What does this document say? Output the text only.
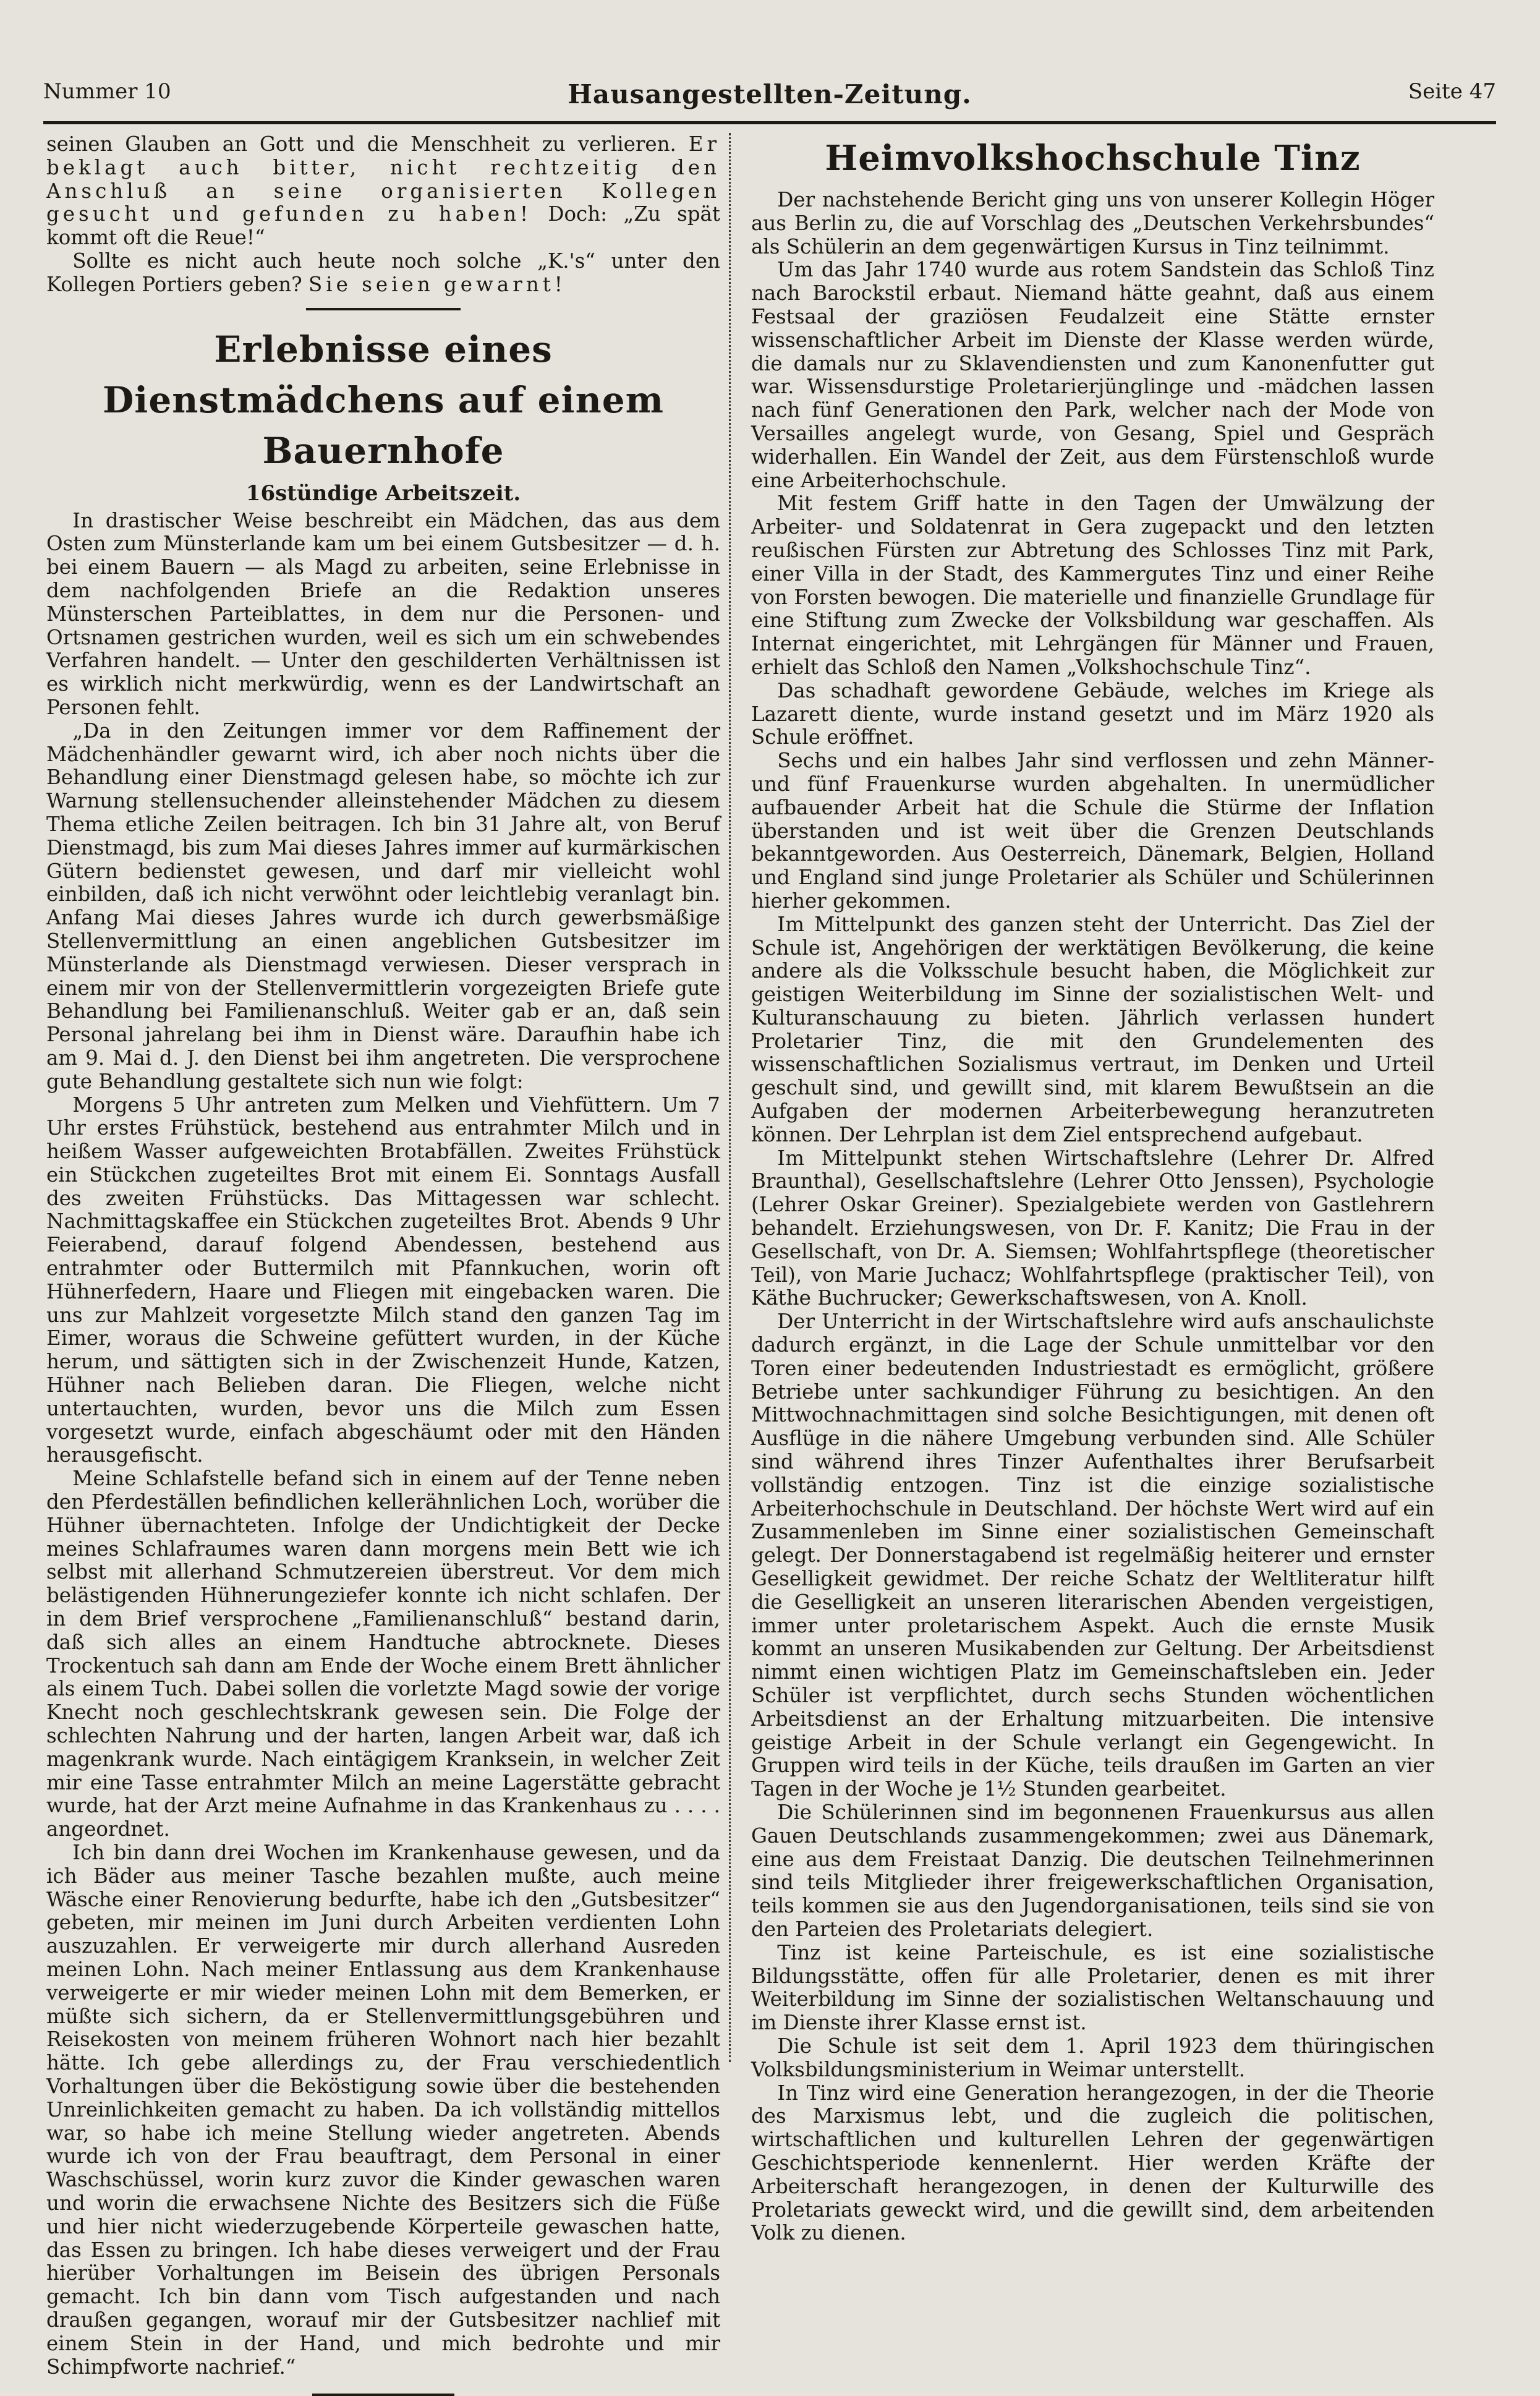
Nummer 10	Hausangestellten-Zeitung.	Seite 47

seinen Glauben an Gott und die Menschheit zu verlieren. Er beklagt auch bitter, nicht rechtzeitig den Anschluß an seine organisierten Kollegen gesucht und gefunden zu haben! Doch: „Zu spät kommt oft die Reue!“

Sollte es nicht auch heute noch solche „K.'s“ unter den Kollegen Portiers geben? Sie seien gewarnt!

Erlebnisse eines Dienstmädchens auf einem Bauernhofe
16stündige Arbeitszeit.

In drastischer Weise beschreibt ein Mädchen, das aus dem Osten zum Münsterlande kam um bei einem Gutsbesitzer — d. h. bei einem Bauern — als Magd zu arbeiten, seine Erlebnisse in dem nachfolgenden Briefe an die Redaktion unseres Münsterschen Parteiblattes, in dem nur die Personen- und Ortsnamen gestrichen wurden, weil es sich um ein schwebendes Verfahren handelt. — Unter den geschilderten Verhältnissen ist es wirklich nicht merkwürdig, wenn es der Landwirtschaft an Personen fehlt.

„Da in den Zeitungen immer vor dem Raffinement der Mädchenhändler gewarnt wird, ich aber noch nichts über die Behandlung einer Dienstmagd gelesen habe, so möchte ich zur Warnung stellensuchender alleinstehender Mädchen zu diesem Thema etliche Zeilen beitragen. Ich bin 31 Jahre alt, von Beruf Dienstmagd, bis zum Mai dieses Jahres immer auf kurmärkischen Gütern bedienstet gewesen, und darf mir vielleicht wohl einbilden, daß ich nicht verwöhnt oder leichtlebig veranlagt bin. Anfang Mai dieses Jahres wurde ich durch gewerbsmäßige Stellenvermittlung an einen angeblichen Gutsbesitzer im Münsterlande als Dienstmagd verwiesen. Dieser versprach in einem mir von der Stellenvermittlerin vorgezeigten Briefe gute Behandlung bei Familienanschluß. Weiter gab er an, daß sein Personal jahrelang bei ihm in Dienst wäre. Daraufhin habe ich am 9. Mai d. J. den Dienst bei ihm angetreten. Die versprochene gute Behandlung gestaltete sich nun wie folgt:

Morgens 5 Uhr antreten zum Melken und Viehfüttern. Um 7 Uhr erstes Frühstück, bestehend aus entrahmter Milch und in heißem Wasser aufgeweichten Brotabfällen. Zweites Frühstück ein Stückchen zugeteiltes Brot mit einem Ei. Sonntags Ausfall des zweiten Frühstücks. Das Mittagessen war schlecht. Nachmittagskaffee ein Stückchen zugeteiltes Brot. Abends 9 Uhr Feierabend, darauf folgend Abendessen, bestehend aus entrahmter oder Buttermilch mit Pfannkuchen, worin oft Hühnerfedern, Haare und Fliegen mit eingebacken waren. Die uns zur Mahlzeit vorgesetzte Milch stand den ganzen Tag im Eimer, woraus die Schweine gefüttert wurden, in der Küche herum, und sättigten sich in der Zwischenzeit Hunde, Katzen, Hühner nach Belieben daran. Die Fliegen, welche nicht untertauchten, wurden, bevor uns die Milch zum Essen vorgesetzt wurde, einfach abgeschäumt oder mit den Händen herausgefischt.

Meine Schlafstelle befand sich in einem auf der Tenne neben den Pferdeställen befindlichen kellerähnlichen Loch, worüber die Hühner übernachteten. Infolge der Undichtigkeit der Decke meines Schlafraumes waren dann morgens mein Bett wie ich selbst mit allerhand Schmutzereien überstreut. Vor dem mich belästigenden Hühnerungeziefer konnte ich nicht schlafen. Der in dem Brief versprochene „Familienanschluß“ bestand darin, daß sich alles an einem Handtuche abtrocknete. Dieses Trockentuch sah dann am Ende der Woche einem Brett ähnlicher als einem Tuch. Dabei sollen die vorletzte Magd sowie der vorige Knecht noch geschlechtskrank gewesen sein. Die Folge der schlechten Nahrung und der harten, langen Arbeit war, daß ich magenkrank wurde. Nach eintägigem Kranksein, in welcher Zeit mir eine Tasse entrahmter Milch an meine Lagerstätte gebracht wurde, hat der Arzt meine Aufnahme in das Krankenhaus zu . . . . angeordnet.

Ich bin dann drei Wochen im Krankenhause gewesen, und da ich Bäder aus meiner Tasche bezahlen mußte, auch meine Wäsche einer Renovierung bedurfte, habe ich den „Gutsbesitzer“ gebeten, mir meinen im Juni durch Arbeiten verdienten Lohn auszuzahlen. Er verweigerte mir durch allerhand Ausreden meinen Lohn. Nach meiner Entlassung aus dem Krankenhause verweigerte er mir wieder meinen Lohn mit dem Bemerken, er müßte sich sichern, da er Stellenvermittlungsgebühren und Reisekosten von meinem früheren Wohnort nach hier bezahlt hätte. Ich gebe allerdings zu, der Frau verschiedentlich Vorhaltungen über die Beköstigung sowie über die bestehenden Unreinlichkeiten gemacht zu haben. Da ich vollständig mittellos war, so habe ich meine Stellung wieder angetreten. Abends wurde ich von der Frau beauftragt, dem Personal in einer Waschschüssel, worin kurz zuvor die Kinder gewaschen waren und worin die erwachsene Nichte des Besitzers sich die Füße und hier nicht wiederzugebende Körperteile gewaschen hatte, das Essen zu bringen. Ich habe dieses verweigert und der Frau hierüber Vorhaltungen im Beisein des übrigen Personals gemacht. Ich bin dann vom Tisch aufgestanden und nach draußen gegangen, worauf mir der Gutsbesitzer nachlief mit einem Stein in der Hand, und mich bedrohte und mir Schimpfworte nachrief.“

Heimvolkshochschule Tinz

Der nachstehende Bericht ging uns von unserer Kollegin Höger aus Berlin zu, die auf Vorschlag des „Deutschen Verkehrsbundes“ als Schülerin an dem gegenwärtigen Kursus in Tinz teilnimmt.

Um das Jahr 1740 wurde aus rotem Sandstein das Schloß Tinz nach Barockstil erbaut. Niemand hätte geahnt, daß aus einem Festsaal der graziösen Feudalzeit eine Stätte ernster wissenschaftlicher Arbeit im Dienste der Klasse werden würde, die damals nur zu Sklavendiensten und zum Kanonenfutter gut war. Wissensdurstige Proletarierjünglinge und -mädchen lassen nach fünf Generationen den Park, welcher nach der Mode von Versailles angelegt wurde, von Gesang, Spiel und Gespräch widerhallen. Ein Wandel der Zeit, aus dem Fürstenschloß wurde eine Arbeiterhochschule.

Mit festem Griff hatte in den Tagen der Umwälzung der Arbeiter- und Soldatenrat in Gera zugepackt und den letzten reußischen Fürsten zur Abtretung des Schlosses Tinz mit Park, einer Villa in der Stadt, des Kammergutes Tinz und einer Reihe von Forsten bewogen. Die materielle und finanzielle Grundlage für eine Stiftung zum Zwecke der Volksbildung war geschaffen. Als Internat eingerichtet, mit Lehrgängen für Männer und Frauen, erhielt das Schloß den Namen „Volkshochschule Tinz“.

Das schadhaft gewordene Gebäude, welches im Kriege als Lazarett diente, wurde instand gesetzt und im März 1920 als Schule eröffnet.

Sechs und ein halbes Jahr sind verflossen und zehn Männer- und fünf Frauenkurse wurden abgehalten. In unermüdlicher aufbauender Arbeit hat die Schule die Stürme der Inflation überstanden und ist weit über die Grenzen Deutschlands bekanntgeworden. Aus Oesterreich, Dänemark, Belgien, Holland und England sind junge Proletarier als Schüler und Schülerinnen hierher gekommen.

Im Mittelpunkt des ganzen steht der Unterricht. Das Ziel der Schule ist, Angehörigen der werktätigen Bevölkerung, die keine andere als die Volksschule besucht haben, die Möglichkeit zur geistigen Weiterbildung im Sinne der sozialistischen Welt- und Kulturanschauung zu bieten. Jährlich verlassen hundert Proletarier Tinz, die mit den Grundelementen des wissenschaftlichen Sozialismus vertraut, im Denken und Urteil geschult sind, und gewillt sind, mit klarem Bewußtsein an die Aufgaben der modernen Arbeiterbewegung heranzutreten können. Der Lehrplan ist dem Ziel entsprechend aufgebaut.

Im Mittelpunkt stehen Wirtschaftslehre (Lehrer Dr. Alfred Braunthal), Gesellschaftslehre (Lehrer Otto Jenssen), Psychologie (Lehrer Oskar Greiner). Spezialgebiete werden von Gastlehrern behandelt. Erziehungswesen, von Dr. F. Kanitz; Die Frau in der Gesellschaft, von Dr. A. Siemsen; Wohlfahrtspflege (theoretischer Teil), von Marie Juchacz; Wohlfahrtspflege (praktischer Teil), von Käthe Buchrucker; Gewerkschaftswesen, von A. Knoll.

Der Unterricht in der Wirtschaftslehre wird aufs anschaulichste dadurch ergänzt, in die Lage der Schule unmittelbar vor den Toren einer bedeutenden Industriestadt es ermöglicht, größere Betriebe unter sachkundiger Führung zu besichtigen. An den Mittwochnachmittagen sind solche Besichtigungen, mit denen oft Ausflüge in die nähere Umgebung verbunden sind. Alle Schüler sind während ihres Tinzer Aufenthaltes ihrer Berufsarbeit vollständig entzogen. Tinz ist die einzige sozialistische Arbeiterhochschule in Deutschland. Der höchste Wert wird auf ein Zusammenleben im Sinne einer sozialistischen Gemeinschaft gelegt. Der Donnerstagabend ist regelmäßig heiterer und ernster Geselligkeit gewidmet. Der reiche Schatz der Weltliteratur hilft die Geselligkeit an unseren literarischen Abenden vergeistigen, immer unter proletarischem Aspekt. Auch die ernste Musik kommt an unseren Musikabenden zur Geltung. Der Arbeitsdienst nimmt einen wichtigen Platz im Gemeinschaftsleben ein. Jeder Schüler ist verpflichtet, durch sechs Stunden wöchentlichen Arbeitsdienst an der Erhaltung mitzuarbeiten. Die intensive geistige Arbeit in der Schule verlangt ein Gegengewicht. In Gruppen wird teils in der Küche, teils draußen im Garten an vier Tagen in der Woche je 1½ Stunden gearbeitet.

Die Schülerinnen sind im begonnenen Frauenkursus aus allen Gauen Deutschlands zusammengekommen; zwei aus Dänemark, eine aus dem Freistaat Danzig. Die deutschen Teilnehmerinnen sind teils Mitglieder ihrer freigewerkschaftlichen Organisation, teils kommen sie aus den Jugendorganisationen, teils sind sie von den Parteien des Proletariats delegiert.

Tinz ist keine Parteischule, es ist eine sozialistische Bildungsstätte, offen für alle Proletarier, denen es mit ihrer Weiterbildung im Sinne der sozialistischen Weltanschauung und im Dienste ihrer Klasse ernst ist.

Die Schule ist seit dem 1. April 1923 dem thüringischen Volksbildungsministerium in Weimar unterstellt.

In Tinz wird eine Generation herangezogen, in der die Theorie des Marxismus lebt, und die zugleich die politischen, wirtschaftlichen und kulturellen Lehren der gegenwärtigen Geschichtsperiode kennenlernt. Hier werden Kräfte der Arbeiterschaft herangezogen, in denen der Kulturwille des Proletariats geweckt wird, und die gewillt sind, dem arbeitenden Volk zu dienen.
